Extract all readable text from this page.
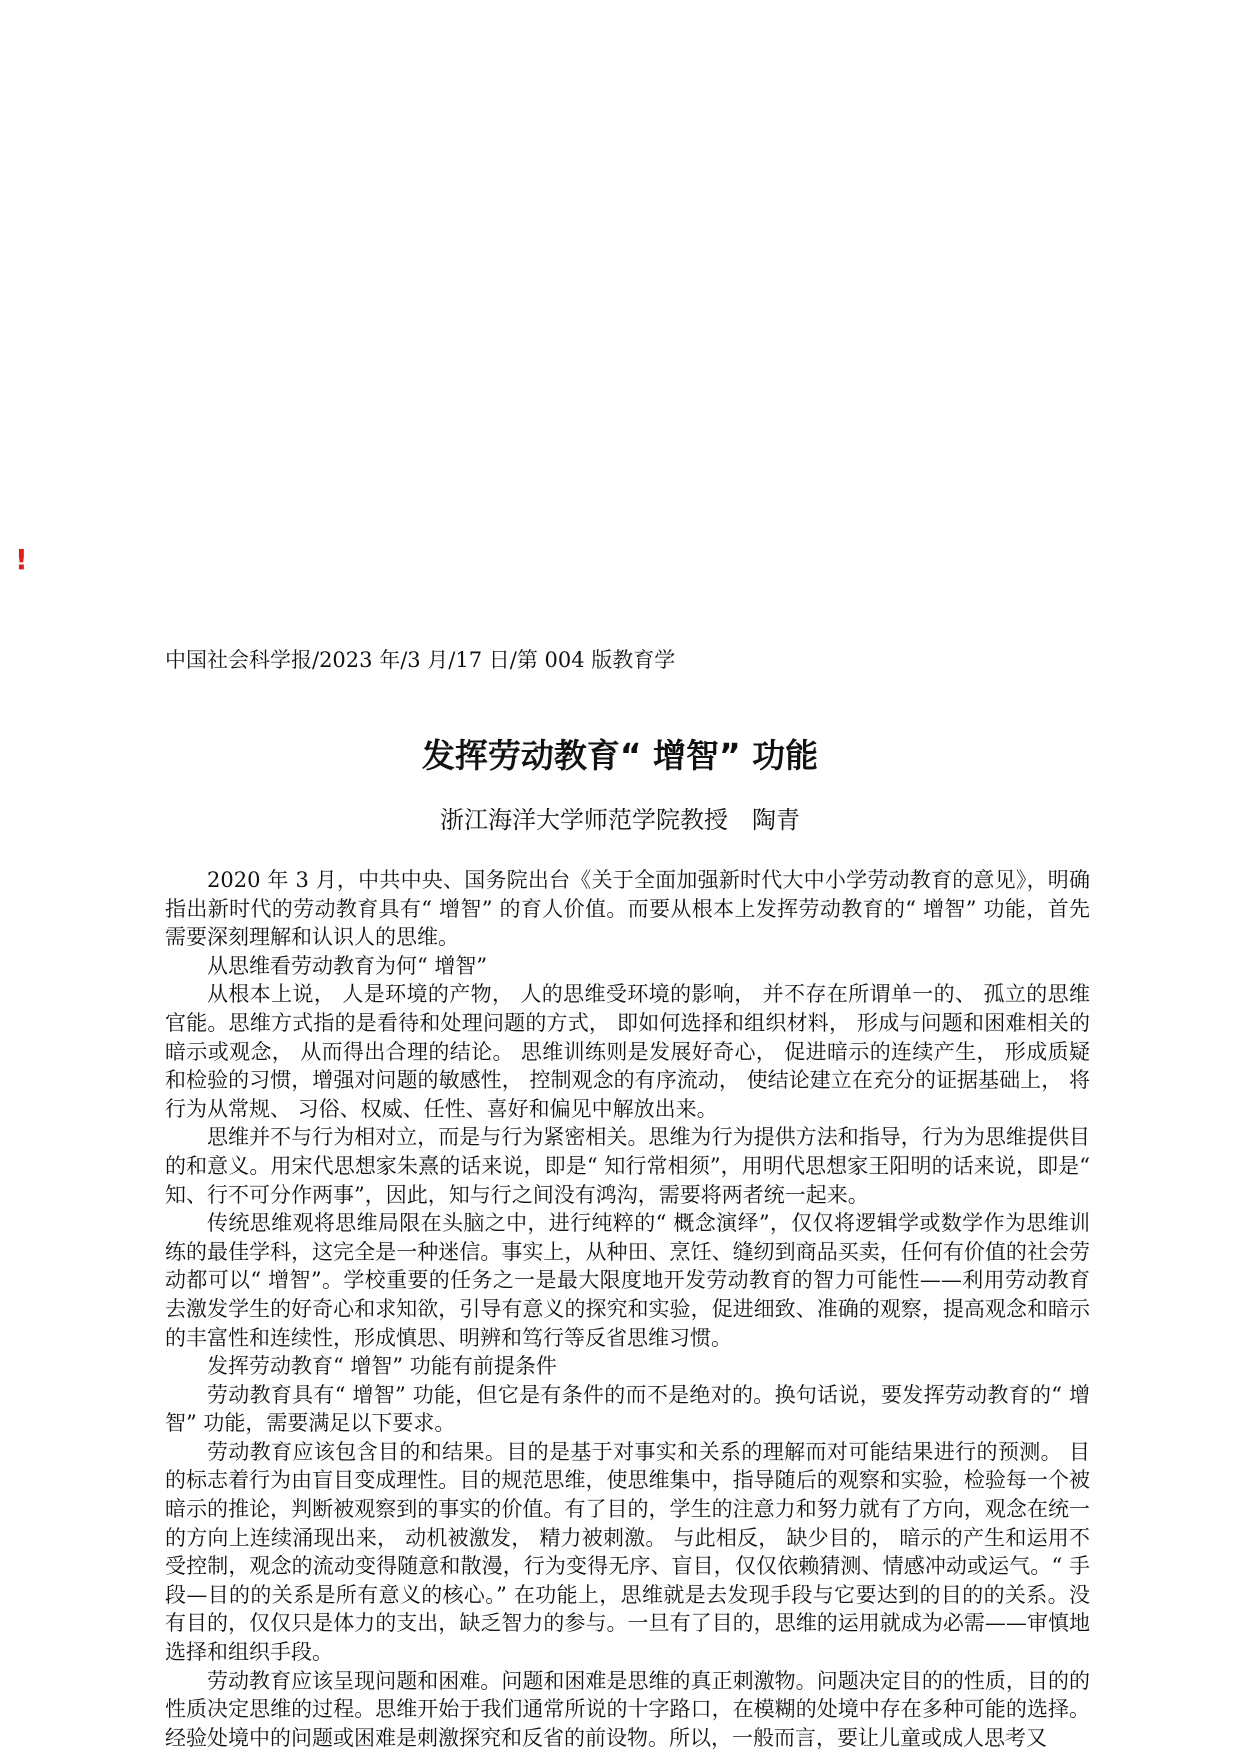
!
中国社会科学报/2023 年/3 月/17 日/第 004 版教育学
发挥劳动教育“ 增智” 功能
浙江海洋大学师范学院教授　陶青

2020 年 3 月，中共中央、国务院出台《关于全面加强新时代大中小学劳动教育的意见》，明确指出新时代的劳动教育具有“ 增智” 的育人价值。而要从根本上发挥劳动教育的“ 增智” 功能，首先需要深刻理解和认识人的思维。

从思维看劳动教育为何“ 增智”

从根本上说， 人是环境的产物， 人的思维受环境的影响， 并不存在所谓单一的、 孤立的思维官能。思维方式指的是看待和处理问题的方式， 即如何选择和组织材料， 形成与问题和困难相关的暗示或观念， 从而得出合理的结论。 思维训练则是发展好奇心， 促进暗示的连续产生， 形成质疑和检验的习惯，增强对问题的敏感性， 控制观念的有序流动， 使结论建立在充分的证据基础上， 将行为从常规、 习俗、权威、任性、喜好和偏见中解放出来。

思维并不与行为相对立，而是与行为紧密相关。思维为行为提供方法和指导，行为为思维提供目的和意义。用宋代思想家朱熹的话来说，即是“ 知行常相须”，用明代思想家王阳明的话来说，即是“ 知、行不可分作两事”，因此，知与行之间没有鸿沟，需要将两者统一起来。

传统思维观将思维局限在头脑之中，进行纯粹的“ 概念演绎”，仅仅将逻辑学或数学作为思维训练的最佳学科，这完全是一种迷信。事实上，从种田、烹饪、缝纫到商品买卖，任何有价值的社会劳动都可以“ 增智”。学校重要的任务之一是最大限度地开发劳动教育的智力可能性——利用劳动教育去激发学生的好奇心和求知欲，引导有意义的探究和实验，促进细致、准确的观察，提高观念和暗示的丰富性和连续性，形成慎思、明辨和笃行等反省思维习惯。

发挥劳动教育“ 增智” 功能有前提条件

劳动教育具有“ 增智” 功能，但它是有条件的而不是绝对的。换句话说，要发挥劳动教育的“ 增智” 功能，需要满足以下要求。

劳动教育应该包含目的和结果。目的是基于对事实和关系的理解而对可能结果进行的预测。 目的标志着行为由盲目变成理性。目的规范思维，使思维集中，指导随后的观察和实验，检验每一个被暗示的推论，判断被观察到的事实的价值。有了目的，学生的注意力和努力就有了方向，观念在统一的方向上连续涌现出来， 动机被激发， 精力被刺激。 与此相反， 缺少目的， 暗示的产生和运用不受控制，观念的流动变得随意和散漫，行为变得无序、盲目，仅仅依赖猜测、情感冲动或运气。“ 手段—目的的关系是所有意义的核心。” 在功能上，思维就是去发现手段与它要达到的目的的关系。没有目的，仅仅只是体力的支出，缺乏智力的参与。一旦有了目的，思维的运用就成为必需——审慎地选择和组织手段。

劳动教育应该呈现问题和困难。问题和困难是思维的真正刺激物。问题决定目的的性质，目的的性质决定思维的过程。思维开始于我们通常所说的十字路口，在模糊的处境中存在多种可能的选择。经验处境中的问题或困难是刺激探究和反省的前设物。所以，一般而言，要让儿童或成人思考又
